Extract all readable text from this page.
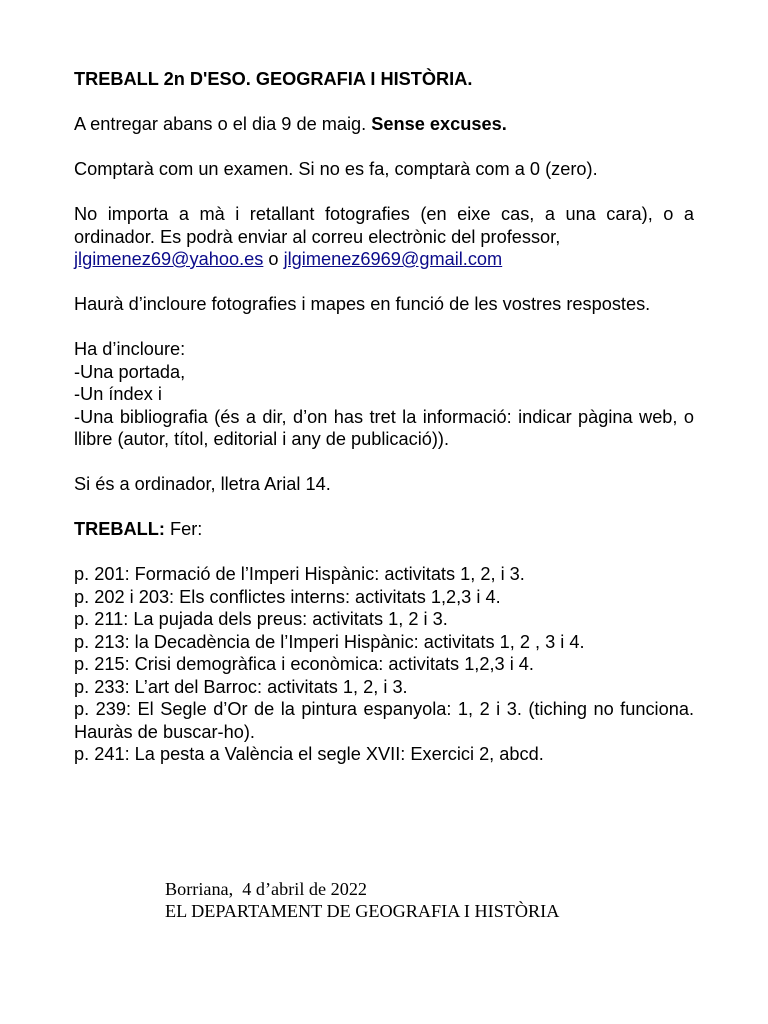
TREBALL 2n D'ESO. GEOGRAFIA I HISTÒRIA.

A entregar abans o el dia 9 de maig. Sense excuses.

Comptarà com un examen. Si no es fa, comptarà com a 0 (zero).

No importa a mà i retallant fotografies (en eixe cas, a una cara), o a ordinador. Es podrà enviar al correu electrònic del professor,
jlgimenez69@yahoo.es o jlgimenez6969@gmail.com

Haurà d’incloure fotografies i mapes en funció de les vostres respostes.

Ha d’incloure:

-Una portada,

-Un índex i

-Una bibliografia (és a dir, d’on has tret la informació: indicar pàgina web, o llibre (autor, títol, editorial i any de publicació)).

Si és a ordinador, lletra Arial 14.

TREBALL: Fer:

p. 201: Formació de l’Imperi Hispànic: activitats 1, 2, i 3.

p. 202 i 203: Els conflictes interns: activitats 1,2,3 i 4.

p. 211: La pujada dels preus: activitats 1, 2 i 3.

p. 213: la Decadència de l’Imperi Hispànic: activitats 1, 2 , 3 i 4.

p. 215: Crisi demogràfica i econòmica: activitats 1,2,3 i 4.

p. 233: L’art del Barroc: activitats 1, 2, i 3.

p. 239: El Segle d’Or de la pintura espanyola: 1, 2 i 3. (tiching no funciona. Hauràs de buscar-ho).

p. 241: La pesta a València el segle XVII: Exercici 2, abcd.

Borriana,  4 d’abril de 2022

EL DEPARTAMENT DE GEOGRAFIA I HISTÒRIA
